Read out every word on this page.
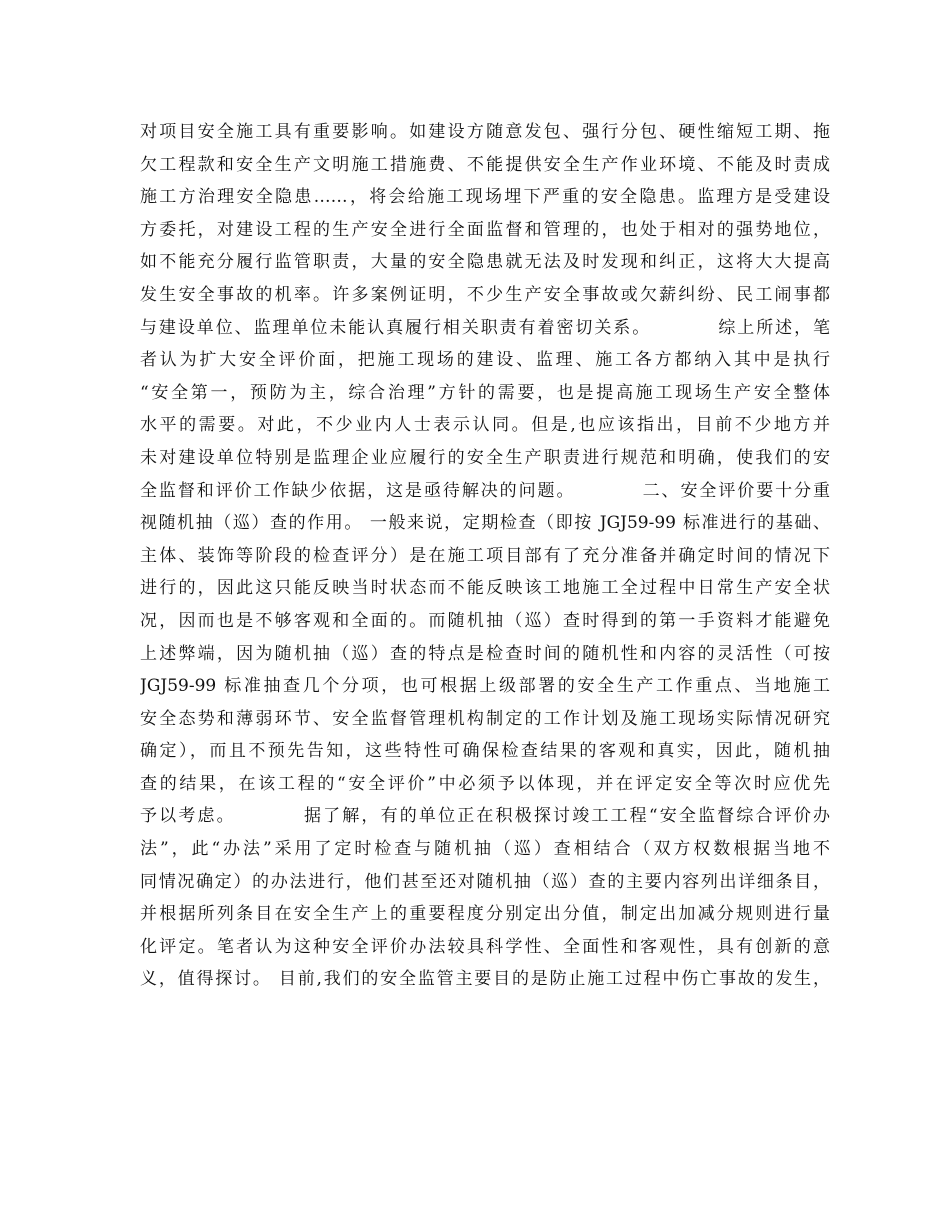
对项目安全施工具有重要影响。如建设方随意发包、强行分包、硬性缩短工期、拖
欠工程款和安全生产文明施工措施费、不能提供安全生产作业环境、不能及时责成
施工方治理安全隐患……，将会给施工现场埋下严重的安全隐患。监理方是受建设
方委托，对建设工程的生产安全进行全面监督和管理的，也处于相对的强势地位，
如不能充分履行监管职责，大量的安全隐患就无法及时发现和纠正，这将大大提高
发生安全事故的机率。许多案例证明，不少生产安全事故或欠薪纠纷、民工闹事都
与建设单位、监理单位未能认真履行相关职责有着密切关系。　　　　综上所述，笔
者认为扩大安全评价面，把施工现场的建设、监理、施工各方都纳入其中是执行
“安全第一，预防为主，综合治理”方针的需要，也是提高施工现场生产安全整体
水平的需要。对此，不少业内人士表示认同。但是,也应该指出，目前不少地方并
未对建设单位特别是监理企业应履行的安全生产职责进行规范和明确，使我们的安
全监督和评价工作缺少依据，这是亟待解决的问题。　　　　二、安全评价要十分重
视随机抽（巡）查的作用。 一般来说，定期检查（即按 JGJ59-99 标准进行的基础、
主体、装饰等阶段的检查评分）是在施工项目部有了充分准备并确定时间的情况下
进行的，因此这只能反映当时状态而不能反映该工地施工全过程中日常生产安全状
况，因而也是不够客观和全面的。而随机抽（巡）查时得到的第一手资料才能避免
上述弊端，因为随机抽（巡）查的特点是检查时间的随机性和内容的灵活性（可按
JGJ59-99 标准抽查几个分项，也可根据上级部署的安全生产工作重点、当地施工
安全态势和薄弱环节、安全监督管理机构制定的工作计划及施工现场实际情况研究
确定），而且不预先告知，这些特性可确保检查结果的客观和真实，因此，随机抽
查的结果，在该工程的“安全评价”中必须予以体现，并在评定安全等次时应优先
予以考虑。　　　　据了解，有的单位正在积极探讨竣工工程“安全监督综合评价办
法”，此“办法”采用了定时检查与随机抽（巡）查相结合（双方权数根据当地不
同情况确定）的办法进行，他们甚至还对随机抽（巡）查的主要内容列出详细条目，
并根据所列条目在安全生产上的重要程度分别定出分值，制定出加减分规则进行量
化评定。笔者认为这种安全评价办法较具科学性、全面性和客观性，具有创新的意
义，值得探讨。 目前,我们的安全监管主要目的是防止施工过程中伤亡事故的发生，
